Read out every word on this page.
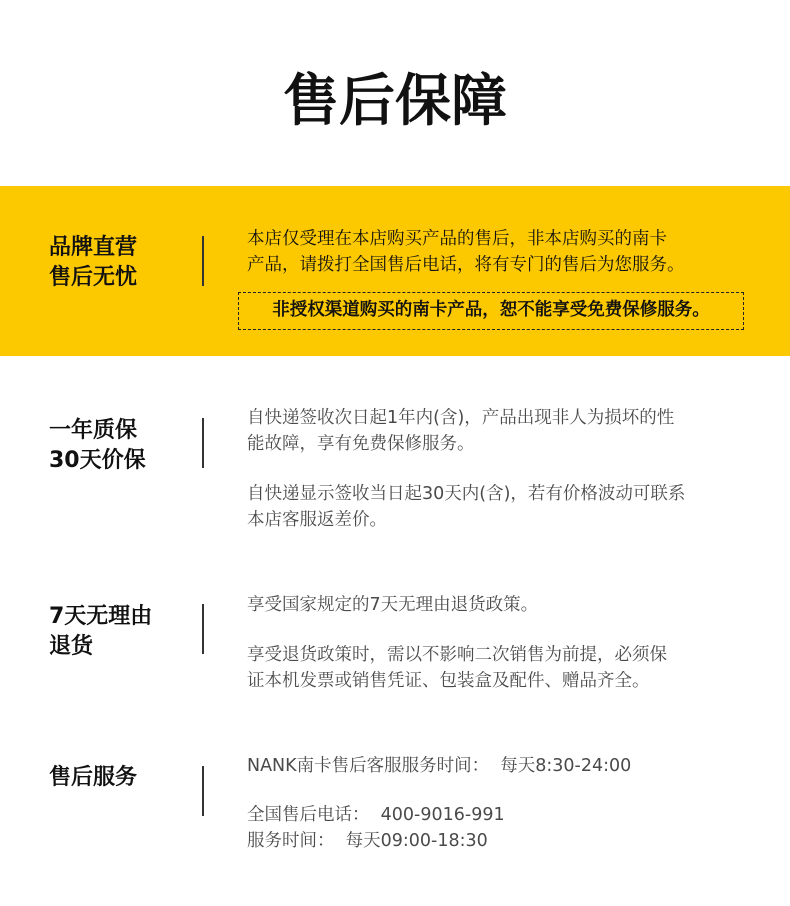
售后保障
品牌直营
售后无忧

本店仅受理在本店购买产品的售后，非本店购买的南卡
产品，请拨打全国售后电话，将有专门的售后为您服务。

非授权渠道购买的南卡产品，恕不能享受免费保修服务。
一年质保
30天价保

自快递签收次日起1年内(含)，产品出现非人为损坏的性
能故障，享有免费保修服务。

自快递显示签收当日起30天内(含)，若有价格波动可联系
本店客服返差价。

7天无理由
退货

享受国家规定的7天无理由退货政策。

享受退货政策时，需以不影响二次销售为前提，必须保
证本机发票或销售凭证、包装盒及配件、赠品齐全。

售后服务	NANK南卡售后客服服务时间：  每天8:30-24:00

全国售后电话：  400-9016-991
服务时间：  每天09:00-18:30
